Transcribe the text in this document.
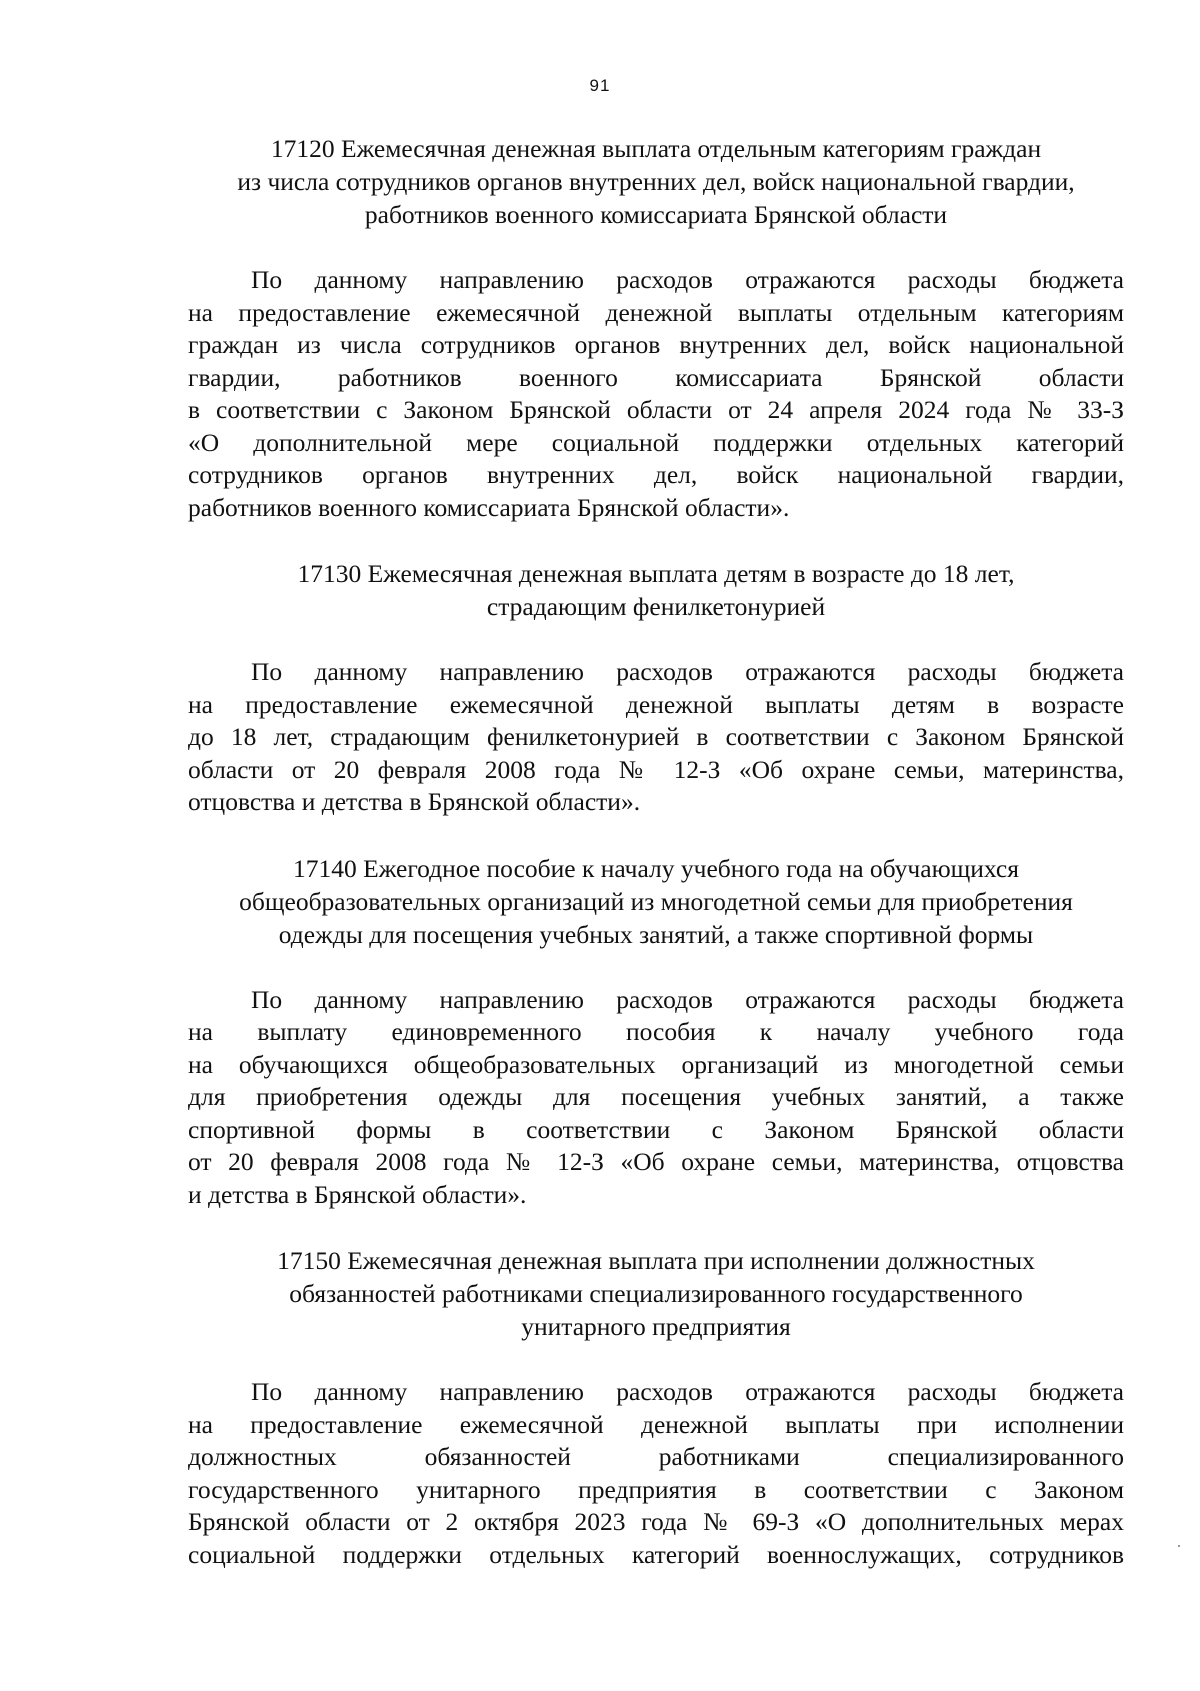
91
17120 Ежемесячная денежная выплата отдельным категориям граждан
из числа сотрудников органов внутренних дел, войск национальной гвардии,
работников военного комиссариата Брянской области
По данному направлению расходов отражаются расходы бюджета
на предоставление ежемесячной денежной выплаты отдельным категориям
граждан из числа сотрудников органов внутренних дел, войск национальной
гвардии, работников военного комиссариата Брянской области
в соответствии с Законом Брянской области от 24 апреля 2024 года № 33-З
«О дополнительной мере социальной поддержки отдельных категорий
сотрудников органов внутренних дел, войск национальной гвардии,
работников военного комиссариата Брянской области».
17130 Ежемесячная денежная выплата детям в возрасте до 18 лет,
страдающим фенилкетонурией
По данному направлению расходов отражаются расходы бюджета
на предоставление ежемесячной денежной выплаты детям в возрасте
до 18 лет, страдающим фенилкетонурией в соответствии с Законом Брянской
области от 20 февраля 2008 года № 12-З «Об охране семьи, материнства,
отцовства и детства в Брянской области».
17140 Ежегодное пособие к началу учебного года на обучающихся
общеобразовательных организаций из многодетной семьи для приобретения
одежды для посещения учебных занятий, а также спортивной формы
По данному направлению расходов отражаются расходы бюджета
на выплату единовременного пособия к началу учебного года
на обучающихся общеобразовательных организаций из многодетной семьи
для приобретения одежды для посещения учебных занятий, а также
спортивной формы в соответствии с Законом Брянской области
от 20 февраля 2008 года № 12-З «Об охране семьи, материнства, отцовства
и детства в Брянской области».
17150 Ежемесячная денежная выплата при исполнении должностных
обязанностей работниками специализированного государственного
унитарного предприятия
По данному направлению расходов отражаются расходы бюджета
на предоставление ежемесячной денежной выплаты при исполнении
должностных обязанностей работниками специализированного
государственного унитарного предприятия в соответствии с Законом
Брянской области от 2 октября 2023 года № 69-З «О дополнительных мерах
социальной поддержки отдельных категорий военнослужащих, сотрудников
